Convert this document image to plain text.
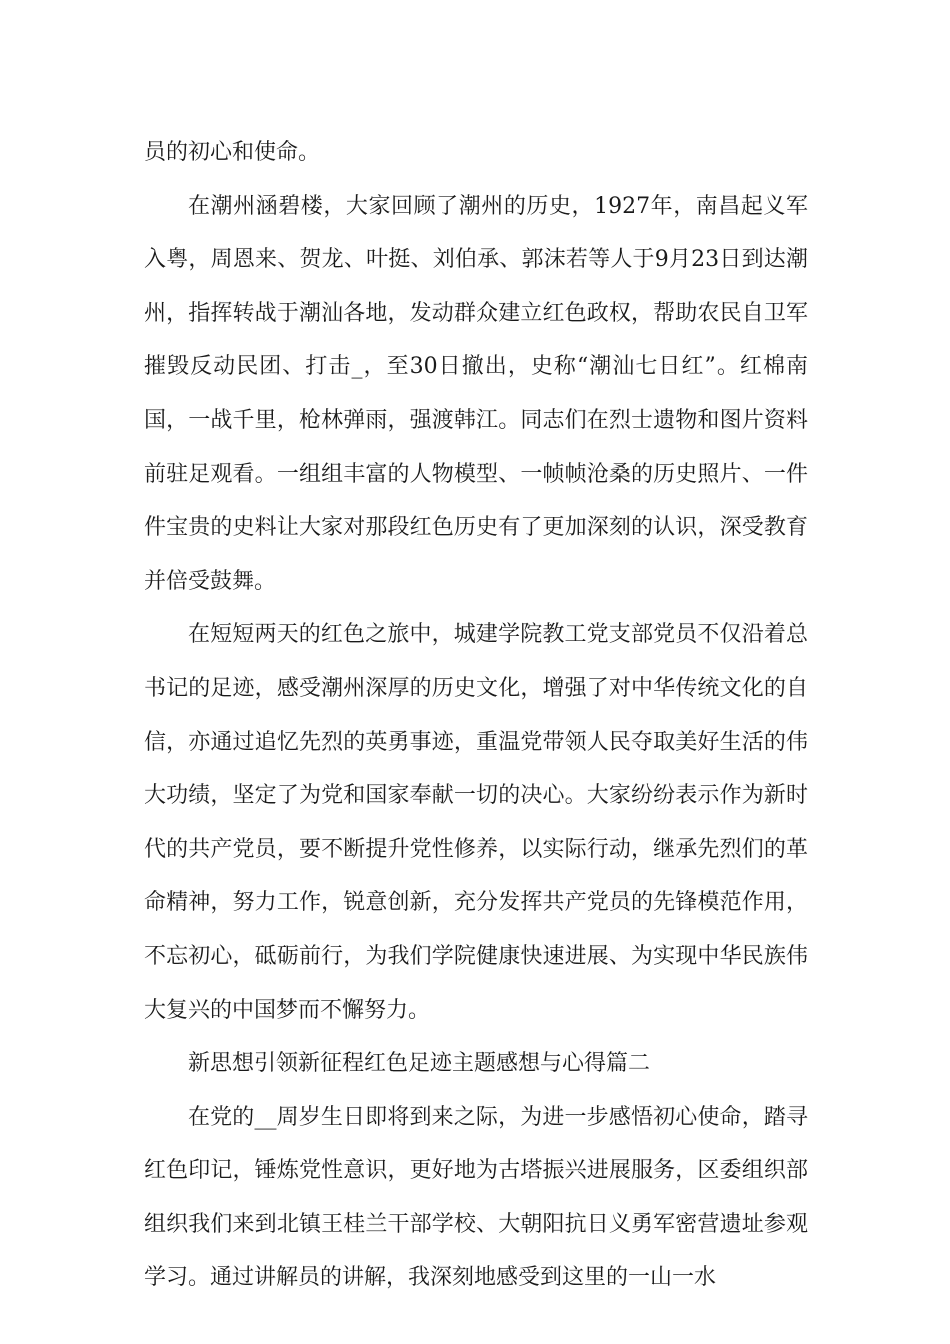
员的初心和使命。

在潮州涵碧楼，大家回顾了潮州的历史，1927年，南昌起义军入粤，周恩来、贺龙、叶挺、刘伯承、郭沫若等人于9月23日到达潮州，指挥转战于潮汕各地，发动群众建立红色政权，帮助农民自卫军摧毁反动民团、打击_，至30日撤出，史称“潮汕七日红”。红棉南国，一战千里，枪林弹雨，强渡韩江。同志们在烈士遗物和图片资料前驻足观看。一组组丰富的人物模型、一帧帧沧桑的历史照片、一件件宝贵的史料让大家对那段红色历史有了更加深刻的认识，深受教育并倍受鼓舞。

在短短两天的红色之旅中，城建学院教工党支部党员不仅沿着总书记的足迹，感受潮州深厚的历史文化，增强了对中华传统文化的自信，亦通过追忆先烈的英勇事迹，重温党带领人民夺取美好生活的伟大功绩，坚定了为党和国家奉献一切的决心。大家纷纷表示作为新时代的共产党员，要不断提升党性修养，以实际行动，继承先烈们的革命精神，努力工作，锐意创新，充分发挥共产党员的先锋模范作用，不忘初心，砥砺前行，为我们学院健康快速进展、为实现中华民族伟大复兴的中国梦而不懈努力。

新思想引领新征程红色足迹主题感想与心得篇二

在党的__周岁生日即将到来之际，为进一步感悟初心使命，踏寻红色印记，锤炼党性意识，更好地为古塔振兴进展服务，区委组织部组织我们来到北镇王桂兰干部学校、大朝阳抗日义勇军密营遗址参观学习。通过讲解员的讲解，我深刻地感受到这里的一山一水
